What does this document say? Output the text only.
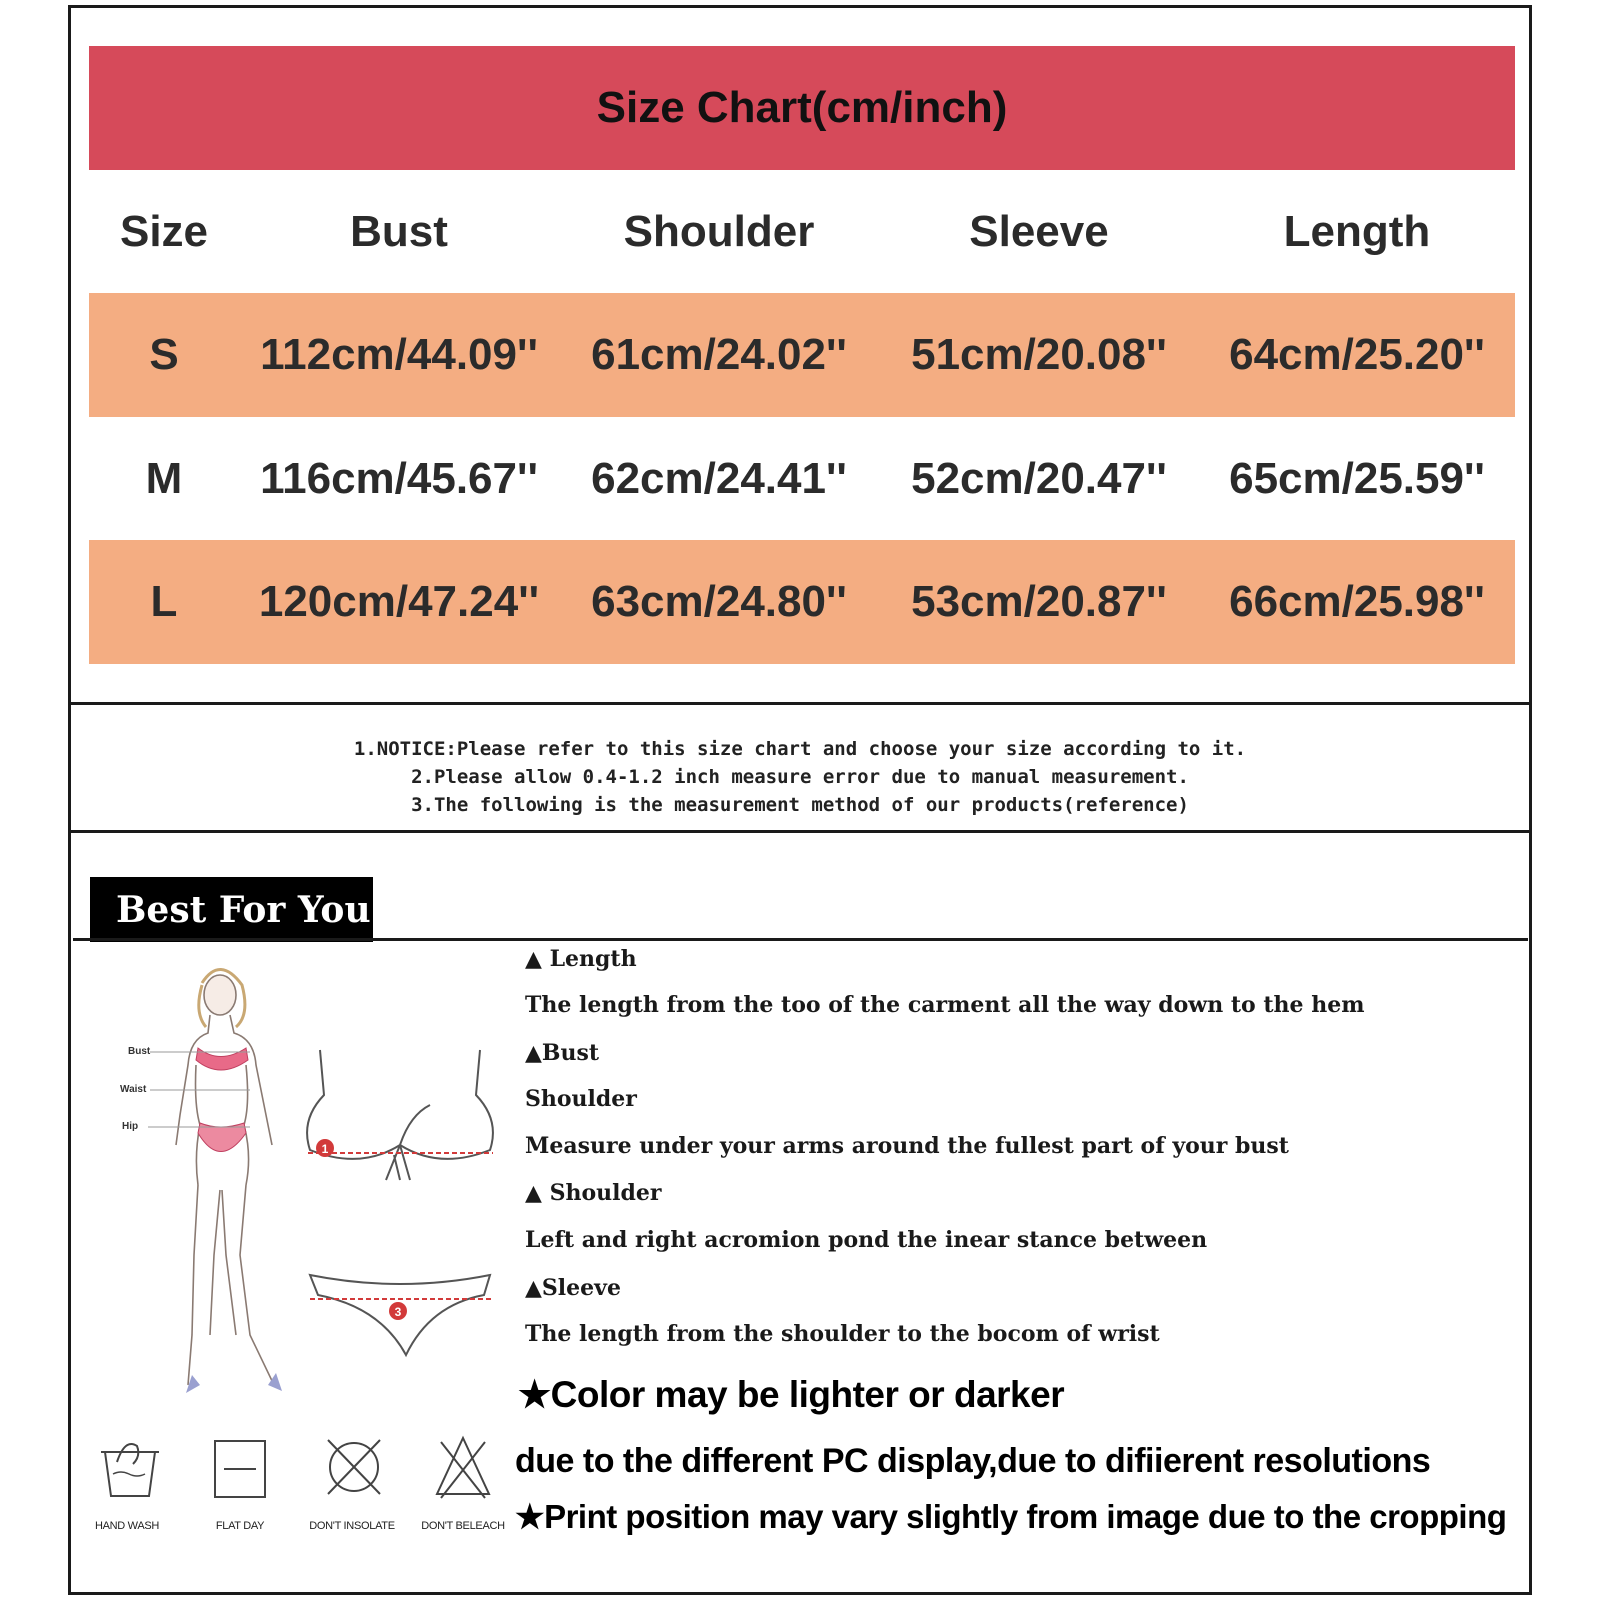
Size Chart(cm/inch)
Size	Bust	Shoulder	Sleeve	Length
S	112cm/44.09''	61cm/24.02''	51cm/20.08''	64cm/25.20''
M	116cm/45.67''	62cm/24.41''	52cm/20.47''	65cm/25.59''
L	120cm/47.24''	63cm/24.80''	53cm/20.87''	66cm/25.98''
1.NOTICE:Please refer to this size chart and choose your size according to it.
2.Please allow 0.4-1.2 inch measure error due to manual measurement.
3.The following is the measurement method of our products(reference)
Best For You
Bust
Waist
Hip
1
3
▲ Length
The length from the too of the carment all the way down to the hem
▲Bust
Shoulder
Measure under your arms around the fullest part of your bust
▲ Shoulder
Left and right acromion pond the inear stance between
▲Sleeve
The length from the shoulder to the bocom of wrist
★Color may be lighter or darker
due to the different PC display,due to difiierent resolutions
★Print position may vary slightly from image due to the cropping
HAND WASH	FLAT DAY	DON'T INSOLATE	DON'T BELEACH
